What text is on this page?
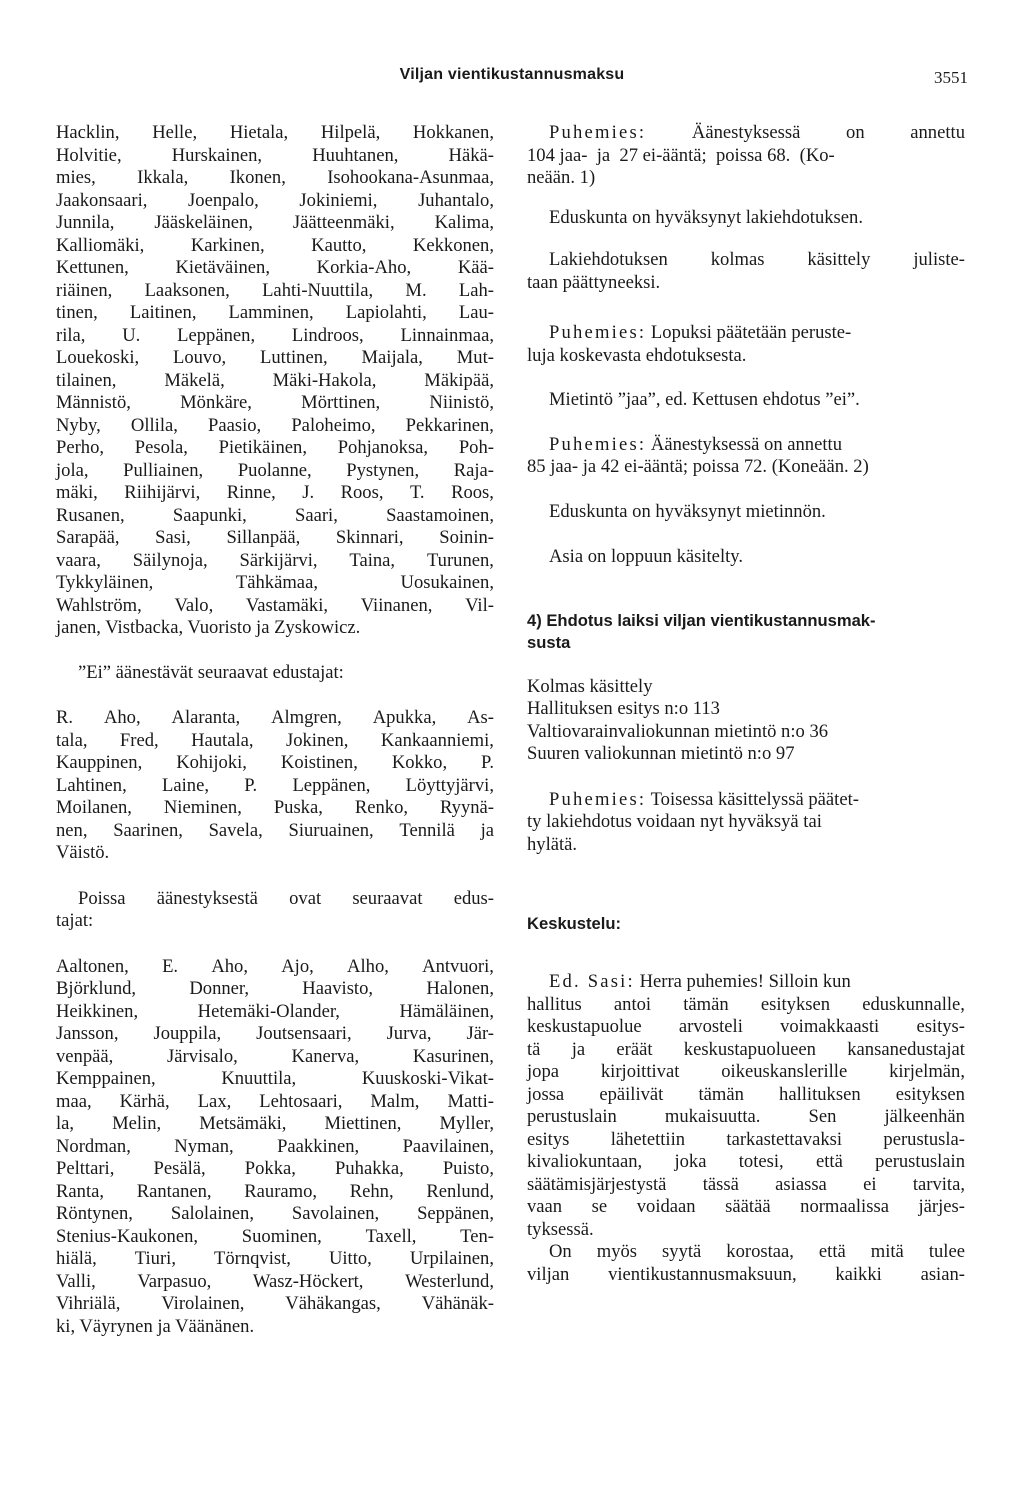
Viljan vientikustannusmaksu	3551
Hacklin, Helle, Hietala, Hilpelä, Hokkanen,
Holvitie,	Hurskainen,	Huuhtanen,	Häkä-
mies, Ikkala, Ikonen, Isohookana-Asunmaa,
Jaakonsaari, Joenpalo, Jokiniemi, Juhantalo,
Junnila, Jääskeläinen, Jäätteenmäki, Kalima,
Kalliomäki,	Karkinen,	Kautto,	Kekkonen,
Kettunen,	Kietäväinen,	Korkia-Aho,	Kää-
riäinen, Laaksonen, Lahti-Nuuttila, M. Lah-
tinen, Laitinen, Lamminen, Lapiolahti, Lau-
rila, U. Leppänen, Lindroos, Linnainmaa,
Louekoski, Louvo, Luttinen, Maijala, Mut-
tilainen,	Mäkelä,	Mäki-Hakola,	Mäkipää,
Männistö,	Mönkäre,	Mörttinen,	Niinistö,
Nyby, Ollila, Paasio, Paloheimo, Pekkarinen,
Perho, Pesola, Pietikäinen, Pohjanoksa, Poh-
jola, Pulliainen, Puolanne, Pystynen, Raja-
mäki, Riihijärvi, Rinne, J. Roos, T. Roos,
Rusanen,	Saapunki,	Saari,	Saastamoinen,
Sarapää, Sasi, Sillanpää, Skinnari, Soinin-
vaara, Säilynoja, Särkijärvi, Taina, Turunen,
Tykkyläinen,	Tähkämaa,	Uosukainen,
Wahlström, Valo, Vastamäki, Viinanen, Vil-
janen, Vistbacka, Vuoristo ja Zyskowicz.
”Ei” äänestävät seuraavat edustajat:
R. Aho, Alaranta, Almgren, Apukka, As-
tala, Fred, Hautala, Jokinen, Kankaanniemi,
Kauppinen, Kohijoki, Koistinen, Kokko, P.
Lahtinen, Laine, P. Leppänen, Löyttyjärvi,
Moilanen, Nieminen, Puska, Renko, Ryynä-
nen, Saarinen, Savela, Siuruainen, Tennilä ja
Väistö.
Poissa äänestyksestä ovat seuraavat edus-
tajat:
Aaltonen, E. Aho, Ajo, Alho, Antvuori,
Björklund,	Donner,	Haavisto,	Halonen,
Heikkinen,	Hetemäki-Olander,	Hämäläinen,
Jansson, Jouppila, Joutsensaari, Jurva, Jär-
venpää,	Järvisalo,	Kanerva,	Kasurinen,
Kemppainen,	Knuuttila,	Kuuskoski-Vikat-
maa, Kärhä, Lax, Lehtosaari, Malm, Matti-
la, Melin, Metsämäki, Miettinen, Myller,
Nordman, Nyman, Paakkinen, Paavilainen,
Pelttari, Pesälä, Pokka, Puhakka, Puisto,
Ranta, Rantanen, Rauramo, Rehn, Renlund,
Röntynen, Salolainen, Savolainen, Seppänen,
Stenius-Kaukonen, Suominen, Taxell, Ten-
hiälä, Tiuri, Törnqvist, Uitto, Urpilainen,
Valli, Varpasuo, Wasz-Höckert, Westerlund,
Vihriälä, Virolainen, Vähäkangas, Vähänäk-
ki, Väyrynen ja Väänänen.
Puhemies: Äänestyksessä on annettu
104 jaa-  ja  27 ei-ääntä;  poissa 68.  (Ko-
neään. 1)
Eduskunta on hyväksynyt lakiehdotuksen.
Lakiehdotuksen kolmas käsittely juliste-
taan päättyneeksi.
Puhemies: Lopuksi päätetään peruste-
luja koskevasta ehdotuksesta.
Mietintö ”jaa”, ed. Kettusen ehdotus ”ei”.
Puhemies: Äänestyksessä on annettu
85 jaa- ja 42 ei-ääntä; poissa 72. (Koneään. 2)
Eduskunta on hyväksynyt mietinnön.
Asia on loppuun käsitelty.
4) Ehdotus laiksi viljan vientikustannusmak-
susta
Kolmas käsittely
Hallituksen esitys n:o 113
Valtiovarainvaliokunnan mietintö n:o 36
Suuren valiokunnan mietintö n:o 97
Puhemies: Toisessa käsittelyssä päätet-
ty lakiehdotus voidaan nyt hyväksyä tai
hylätä.
Keskustelu:
Ed. Sasi: Herra puhemies! Silloin kun
hallitus antoi tämän esityksen eduskunnalle,
keskustapuolue arvosteli voimakkaasti esitys-
tä ja eräät keskustapuolueen kansanedustajat
jopa kirjoittivat oikeuskanslerille kirjelmän,
jossa epäilivät tämän hallituksen esityksen
perustuslain	mukaisuutta.	Sen	jälkeenhän
esitys lähetettiin tarkastettavaksi perustusla-
kivaliokuntaan, joka totesi, että perustuslain
säätämisjärjestystä tässä asiassa ei tarvita,
vaan se voidaan säätää normaalissa järjes-
tyksessä.
On myös syytä korostaa, että mitä tulee
viljan vientikustannusmaksuun, kaikki asian-
